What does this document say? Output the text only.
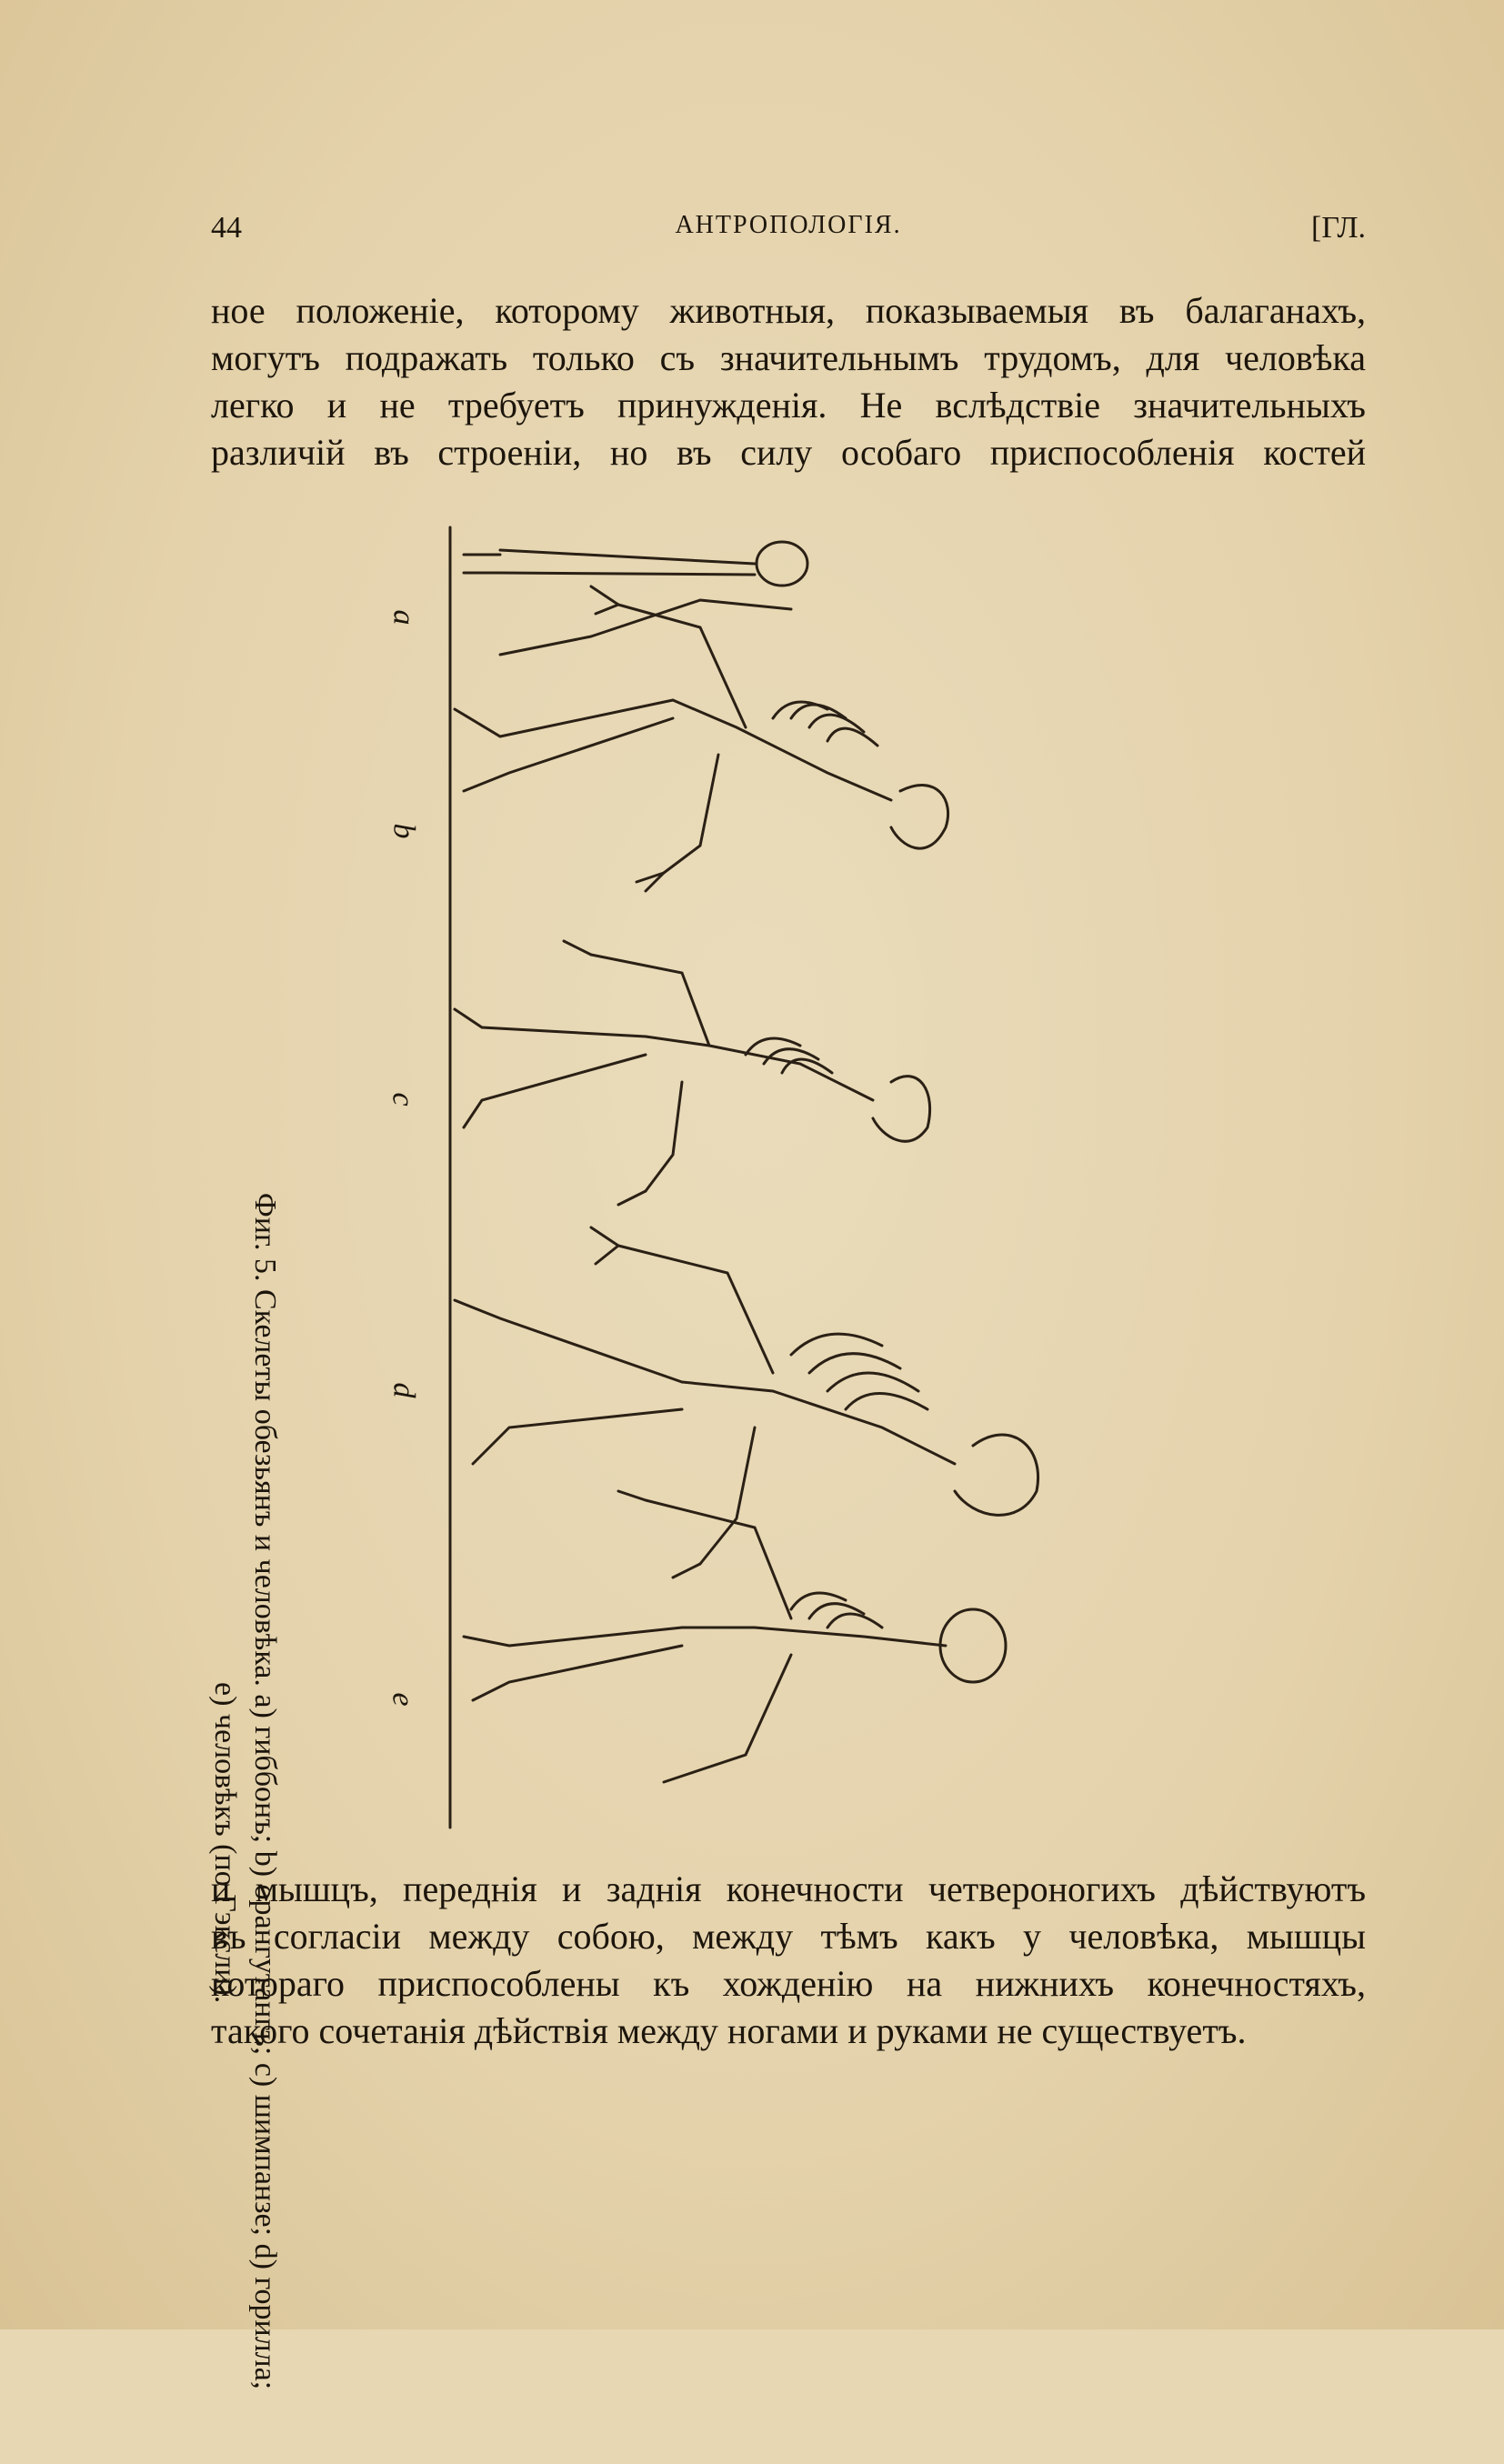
44	АНТРОПОЛОГІЯ.	[ГЛ.
ное положеніе, которому животныя, показываемыя въ балаганахъ,
могутъ подражать только съ значительнымъ трудомъ, для человѣка
легко и не требуетъ принужденія. Не вслѣдствіе значительныхъ
различій въ строеніи, но въ силу особаго приспособленія костей
a
b
c
d
e
Фиг. 5. Скелеты обезьянъ и человѣка. a) гиббонъ; b) орангутангъ; c) шимпанзе; d) горилла;
e) человѣкъ (по Гэксли).
и мышцъ, переднія и заднія конечности четвероногихъ дѣйствуютъ
въ согласіи между собою, между тѣмъ какъ у человѣка, мышцы
котораго приспособлены къ хожденію на нижнихъ конечностяхъ,
такого сочетанія дѣйствія между ногами и руками не существуетъ.
